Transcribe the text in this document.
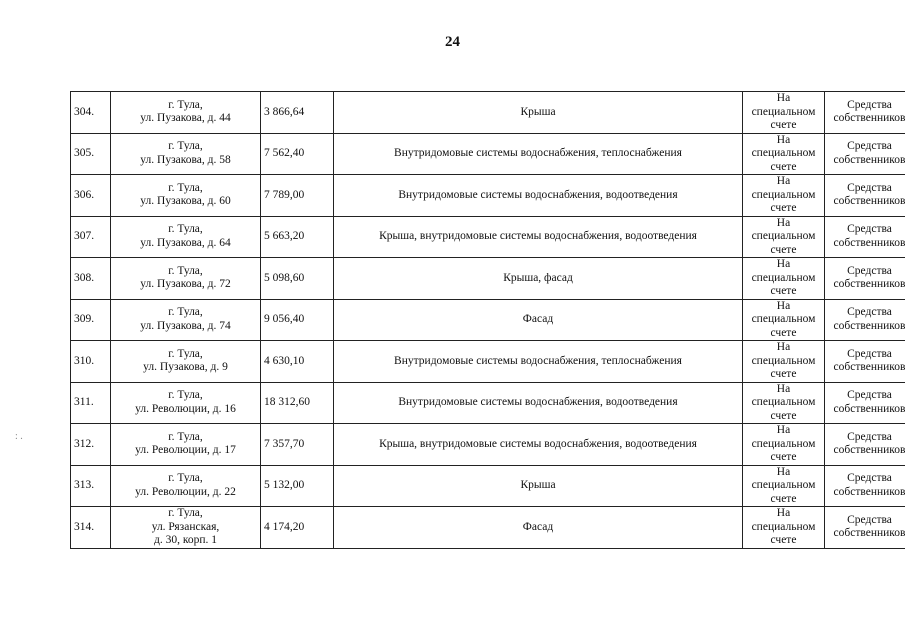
24
: .
304.	г. Тула,
ул. Пузакова, д. 44	3 866,64	Крыша	На
специальном
счете	Средства
собственников

305.	г. Тула,
ул. Пузакова, д. 58	7 562,40	Внутридомовые системы водоснабжения, теплоснабжения	На
специальном
счете	Средства
собственников

306.	г. Тула,
ул. Пузакова, д. 60	7 789,00	Внутридомовые системы водоснабжения, водоотведения	На
специальном
счете	Средства
собственников

307.	г. Тула,
ул. Пузакова, д. 64	5 663,20	Крыша, внутридомовые системы водоснабжения, водоотведения	На
специальном
счете	Средства
собственников

308.	г. Тула,
ул. Пузакова, д. 72	5 098,60	Крыша, фасад	На
специальном
счете	Средства
собственников

309.	г. Тула,
ул. Пузакова, д. 74	9 056,40	Фасад	На
специальном
счете	Средства
собственников

310.	г. Тула,
ул. Пузакова, д. 9	4 630,10	Внутридомовые системы водоснабжения, теплоснабжения	На
специальном
счете	Средства
собственников

311.	г. Тула,
ул. Революции, д. 16	18 312,60	Внутридомовые системы водоснабжения, водоотведения	На
специальном
счете	Средства
собственников

312.	г. Тула,
ул. Революции, д. 17	7 357,70	Крыша, внутридомовые системы водоснабжения, водоотведения	На
специальном
счете	Средства
собственников

313.	г. Тула,
ул. Революции, д. 22	5 132,00	Крыша	На
специальном
счете	Средства
собственников

314.	г. Тула,
ул. Рязанская,
д. 30, корп. 1	4 174,20	Фасад	На
специальном
счете	Средства
собственников
